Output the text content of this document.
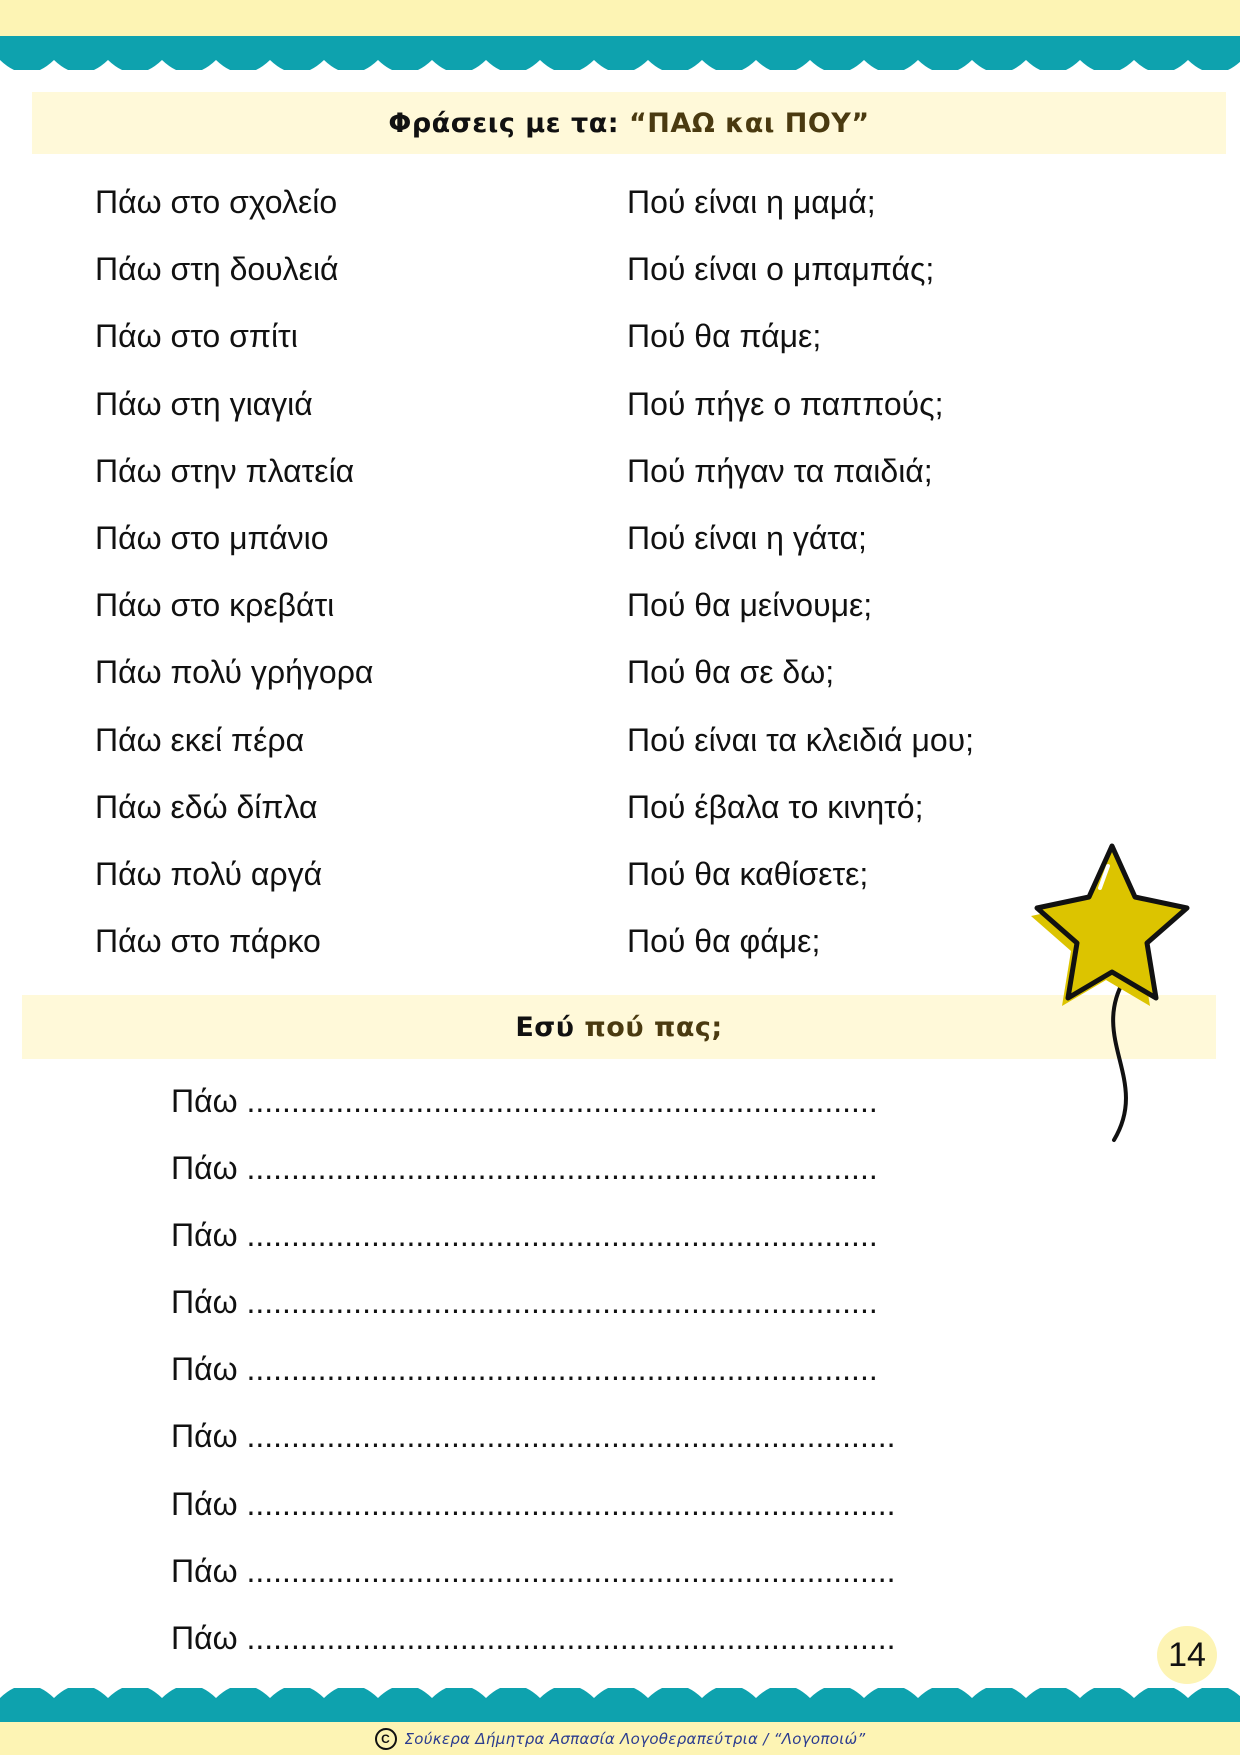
Φράσεις με τα: “ΠΑΩ και ΠΟΥ”
Πάω στο σχολείο
Πάω στη δουλειά
Πάω στο σπίτι
Πάω στη γιαγιά
Πάω στην πλατεία
Πάω στο μπάνιο
Πάω στο κρεβάτι
Πάω πολύ γρήγορα
Πάω εκεί πέρα
Πάω εδώ δίπλα
Πάω πολύ αργά
Πάω στο πάρκο
Πού είναι η μαμά;
Πού είναι ο μπαμπάς;
Πού θα πάμε;
Πού πήγε ο παππούς;
Πού πήγαν τα παιδιά;
Πού είναι η γάτα;
Πού θα μείνουμε;
Πού θα σε δω;
Πού είναι τα κλειδιά μου;
Πού έβαλα το κινητό;
Πού θα καθίσετε;
Πού θα φάμε;
Εσύ πού πας;
Πάω .......................................................................
Πάω .......................................................................
Πάω .......................................................................
Πάω .......................................................................
Πάω .......................................................................
Πάω .........................................................................
Πάω .........................................................................
Πάω .........................................................................
Πάω .........................................................................	14
C Σούκερα Δήμητρα Ασπασία Λογοθεραπεύτρια / “Λογοποιώ”
